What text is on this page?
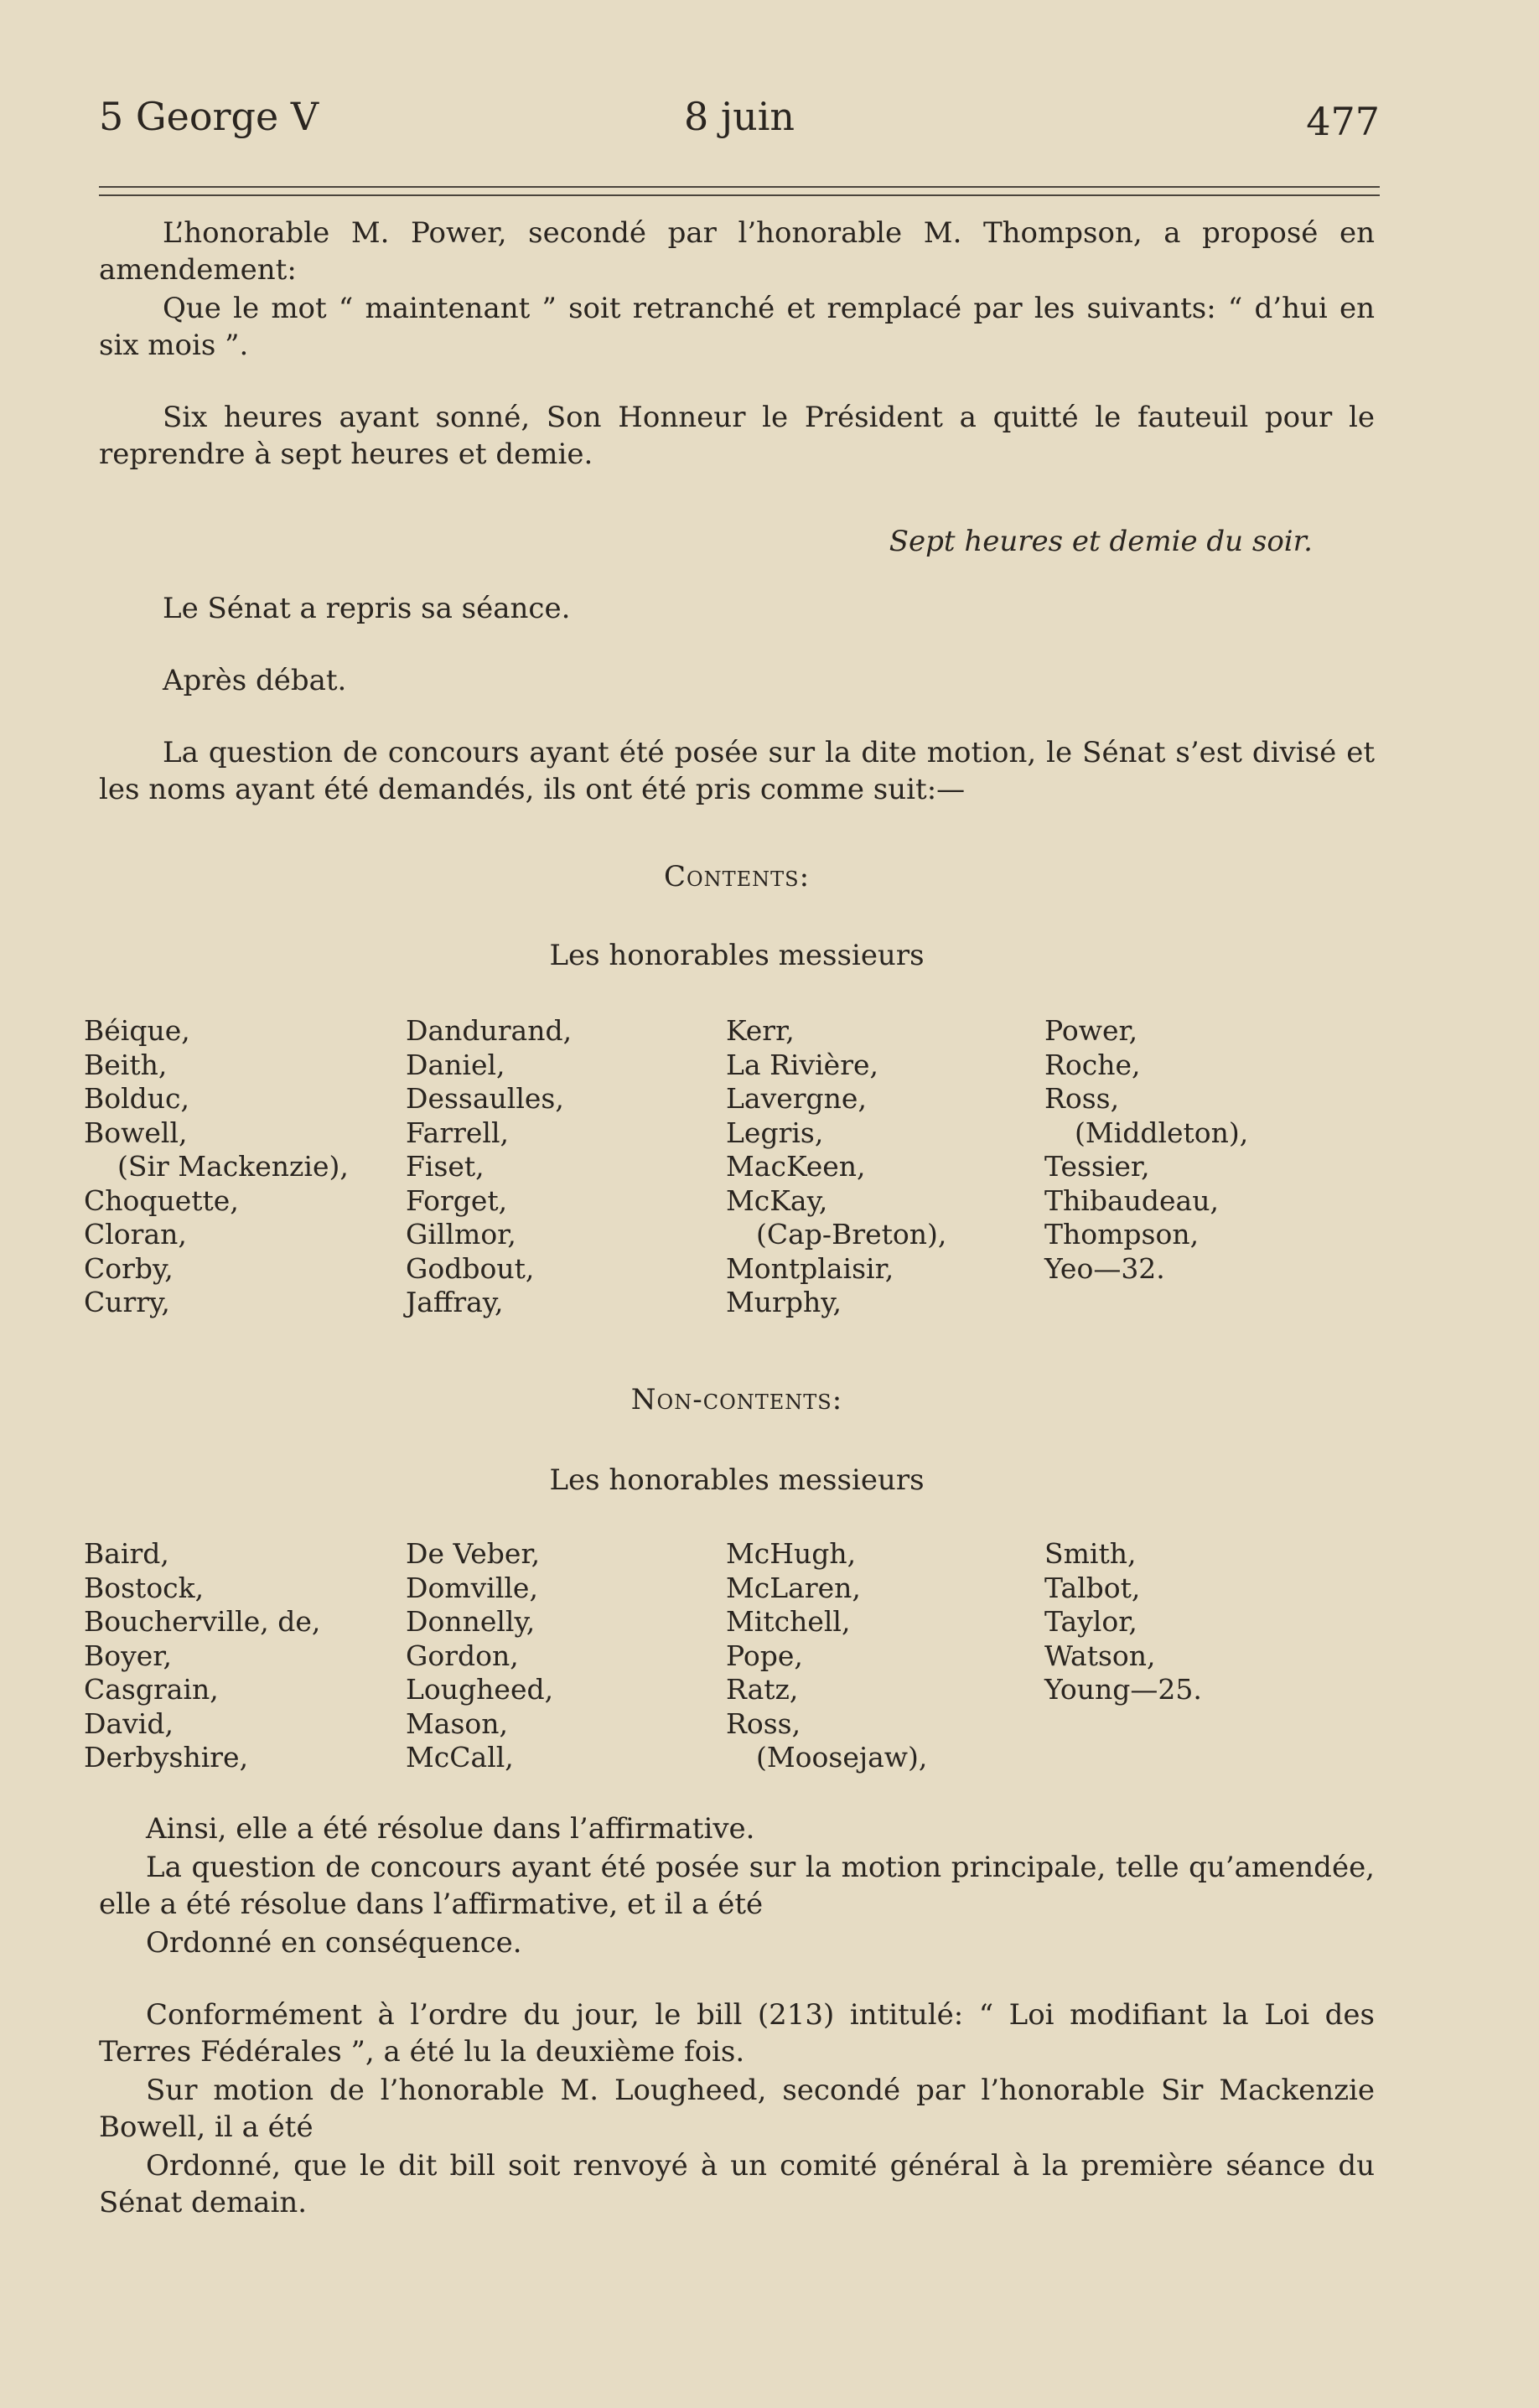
5 George V	8 juin	477

L’honorable M. Power, secondé par l’honorable M. Thompson, a proposé en amendement:

Que le mot “ maintenant ” soit retranché et remplacé par les suivants: “ d’hui en six mois ”.

Six heures ayant sonné, Son Honneur le Président a quitté le fauteuil pour le reprendre à sept heures et demie.

Sept heures et demie du soir.

Le Sénat a repris sa séance.

Après débat.

La question de concours ayant été posée sur la dite motion, le Sénat s’est divisé et les noms ayant été demandés, ils ont été pris comme suit:—

Contents:
Les honorables messieurs
Béique,
Beith,
Bolduc,
Bowell,
(Sir Mackenzie),
Choquette,
Cloran,
Corby,
Curry,
Dandurand,
Daniel,
Dessaulles,
Farrell,
Fiset,
Forget,
Gillmor,
Godbout,
Jaffray,
Kerr,
La Rivière,
Lavergne,
Legris,
MacKeen,
McKay,
(Cap-Breton),
Montplaisir,
Murphy,
Power,
Roche,
Ross,
(Middleton),
Tessier,
Thibaudeau,
Thompson,
Yeo—32.
Non-contents:
Les honorables messieurs
Baird,
Bostock,
Boucherville, de,
Boyer,
Casgrain,
David,
Derbyshire,
De Veber,
Domville,
Donnelly,
Gordon,
Lougheed,
Mason,
McCall,
McHugh,
McLaren,
Mitchell,
Pope,
Ratz,
Ross,
(Moosejaw),
Smith,
Talbot,
Taylor,
Watson,
Young—25.

Ainsi, elle a été résolue dans l’affirmative.

La question de concours ayant été posée sur la motion principale, telle qu’amendée, elle a été résolue dans l’affirmative, et il a été

Ordonné en conséquence.

Conformément à l’ordre du jour, le bill (213) intitulé: “ Loi modifiant la Loi des Terres Fédérales ”, a été lu la deuxième fois.

Sur motion de l’honorable M. Lougheed, secondé par l’honorable Sir Mackenzie Bowell, il a été

Ordonné, que le dit bill soit renvoyé à un comité général à la première séance du Sénat demain.
